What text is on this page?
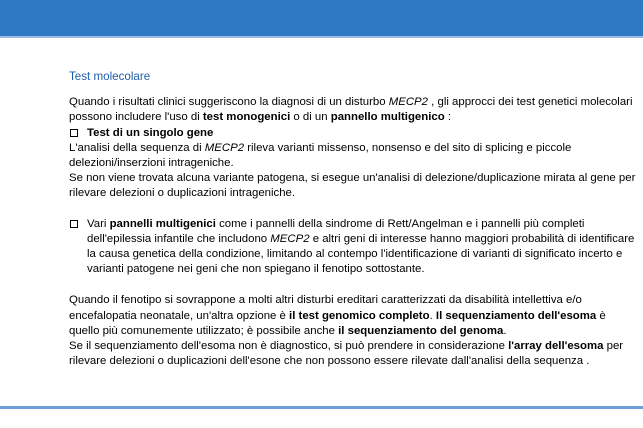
Test molecolare

Quando i risultati clinici suggeriscono la diagnosi di un disturbo MECP2 , gli approcci dei test genetici molecolari possono includere l'uso di test monogenici o di un pannello multigenico :

Test di un singolo gene

L'analisi della sequenza di MECP2 rileva varianti missenso, nonsenso e del sito di splicing e piccole delezioni/inserzioni intrageniche.

Se non viene trovata alcuna variante patogena, si esegue un'analisi di delezione/duplicazione mirata al gene per rilevare delezioni o duplicazioni intrageniche.

Vari pannelli multigenici come i pannelli della sindrome di Rett/Angelman e i pannelli più completi dell'epilessia infantile che includono MECP2 e altri geni di interesse hanno maggiori probabilità di identificare la causa genetica della condizione, limitando al contempo l'identificazione di varianti di significato incerto e varianti patogene nei geni che non spiegano il fenotipo sottostante.

Quando il fenotipo si sovrappone a molti altri disturbi ereditari caratterizzati da disabilità intellettiva e/o encefalopatia neonatale, un'altra opzione è il test genomico completo. Il sequenziamento dell'esoma è quello più comunemente utilizzato; è possibile anche il sequenziamento del genoma.

Se il sequenziamento dell'esoma non è diagnostico, si può prendere in considerazione l'array dell'esoma per rilevare delezioni o duplicazioni dell'esone che non possono essere rilevate dall'analisi della sequenza .
